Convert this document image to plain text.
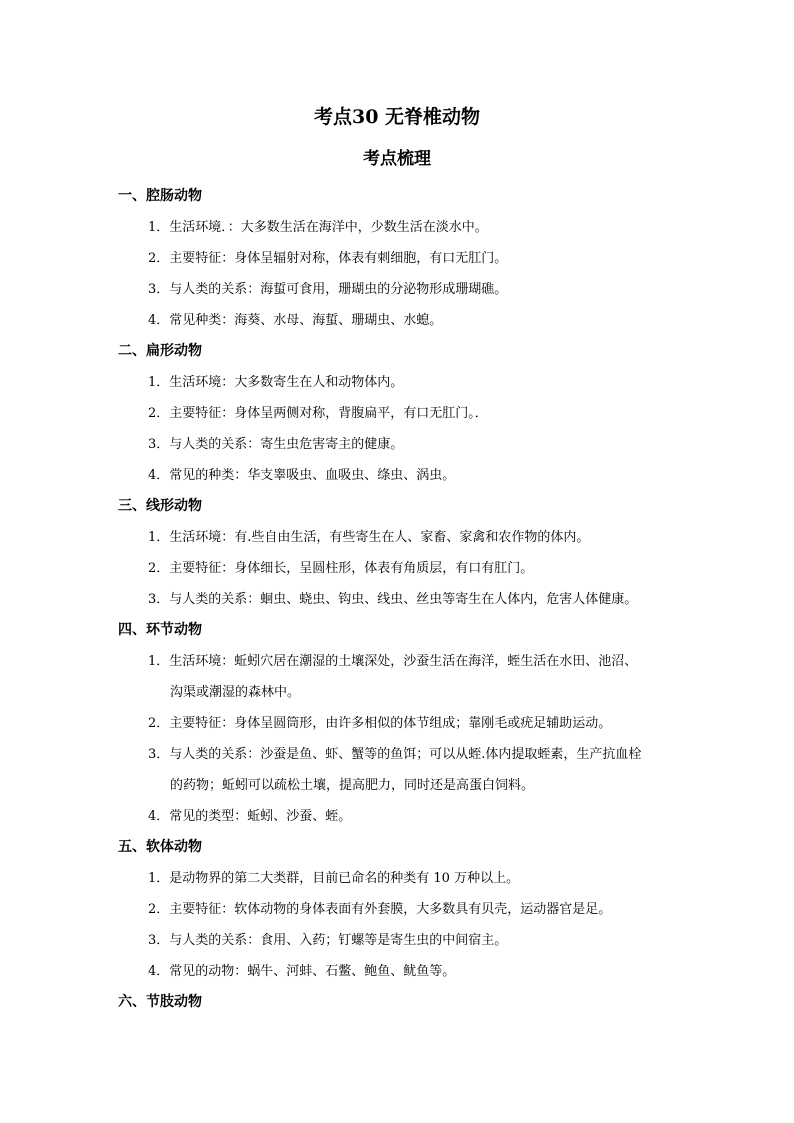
考点30 无脊椎动物
考点梳理
一、腔肠动物
1．生活环境．：大多数生活在海洋中，少数生活在淡水中。
2．主要特征：身体呈辐射对称，体表有刺细胞，有口无肛门。
3．与人类的关系：海蜇可食用，珊瑚虫的分泌物形成珊瑚礁。
4．常见种类：海葵、水母、海蜇、珊瑚虫、水螅。
二、扁形动物
1．生活环境：大多数寄生在人和动物体内。
2．主要特征：身体呈两侧对称，背腹扁平，有口无肛门。．
3．与人类的关系：寄生虫危害寄主的健康。
4．常见的种类：华支睾吸虫、血吸虫、绦虫、涡虫。
三、线形动物
1．生活环境：有.些自由生活，有些寄生在人、家畜、家禽和农作物的体内。
2．主要特征：身体细长，呈圆柱形，体表有角质层，有口有肛门。
3．与人类的关系：蛔虫、蛲虫、钩虫、线虫、丝虫等寄生在人体内，危害人体健康。
四、环节动物
1．生活环境：蚯蚓穴居在潮湿的土壤深处，沙蚕生活在海洋，蛭生活在水田、池沼、
沟渠或潮湿的森林中。
2．主要特征：身体呈圆筒形，由许多相似的体节组成；靠刚毛或疣足辅助运动。
3．与人类的关系：沙蚕是鱼、虾、蟹等的鱼饵；可以从蛭.体内提取蛭素，生产抗血栓
的药物；蚯蚓可以疏松土壤，提高肥力，同时还是高蛋白饲料。
4．常见的类型：蚯蚓、沙蚕、蛭。
五、软体动物
1．是动物界的第二大类群，目前已命名的种类有 10 万种以上。
2．主要特征：软体动物的身体表面有外套膜，大多数具有贝壳，运动器官是足。
3．与人类的关系：食用、入药；钉螺等是寄生虫的中间宿主。
4．常见的动物：蜗牛、河蚌、石鳖、鲍鱼、鱿鱼等。
六、节肢动物
